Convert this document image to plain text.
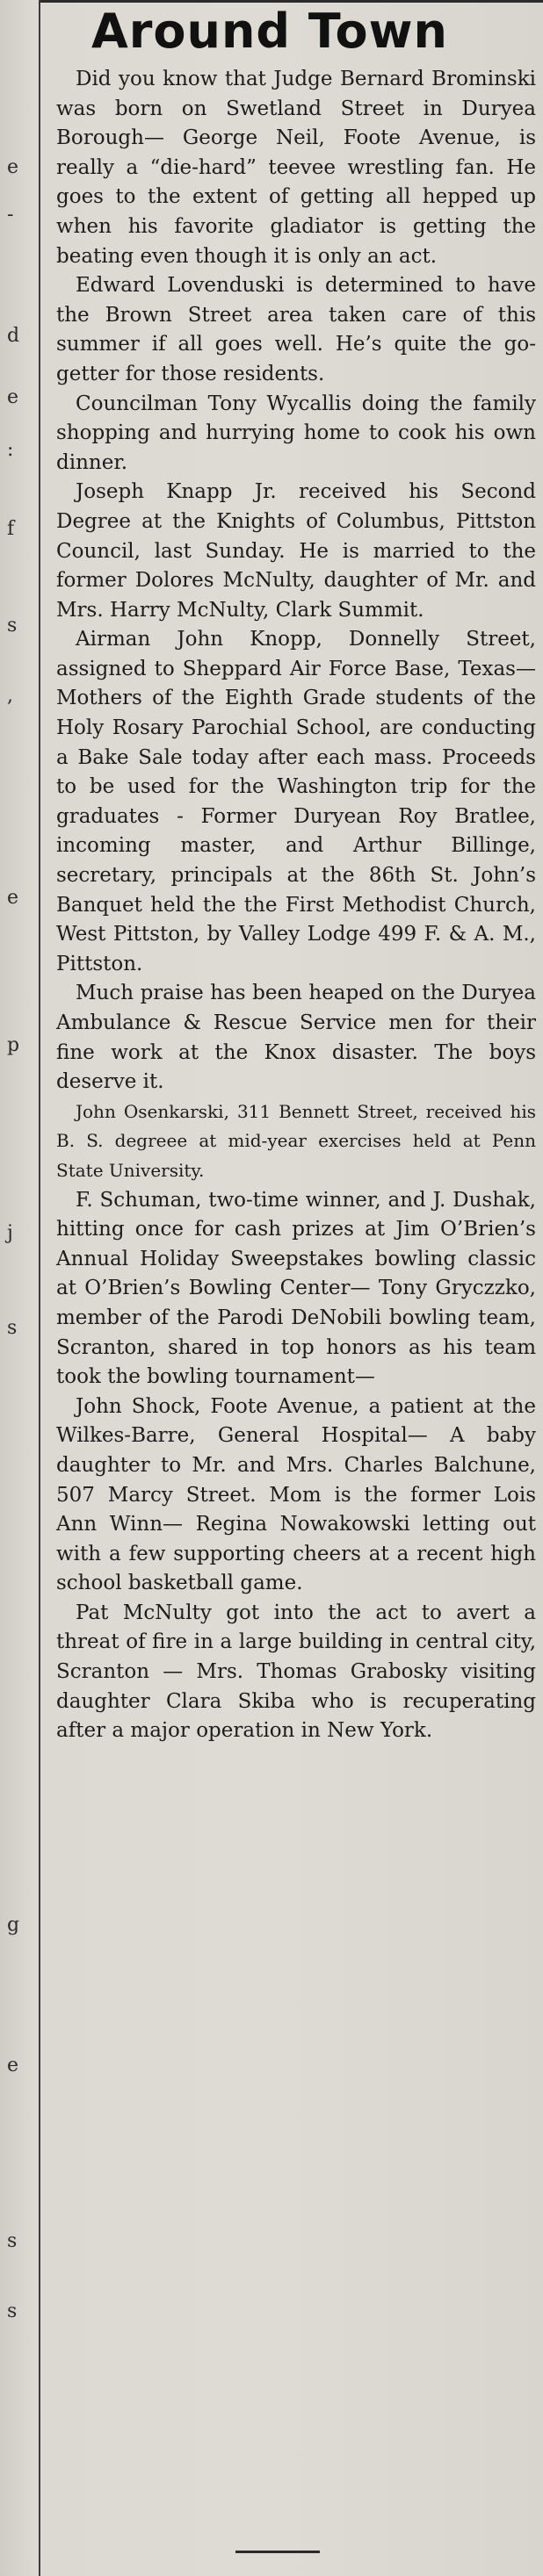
e
-
d
e
:
f
s
,
e
p
j
s
g
e
s
s
Around Town

Did you know that Judge Bernard Brominski was born on Swetland Street in Duryea Borough— George Neil, Foote Avenue, is really a “die-hard” teevee wrestling fan. He goes to the extent of getting all hepped up when his favorite gladiator is getting the beating even though it is only an act.

Edward Lovenduski is determined to have the Brown Street area taken care of this summer if all goes well. He’s quite the go-getter for those residents.

Councilman Tony Wycallis doing the family shopping and hurrying home to cook his own dinner.

Joseph Knapp Jr. received his Second Degree at the Knights of Columbus, Pittston Council, last Sunday. He is married to the former Dolores McNulty, daughter of Mr. and Mrs. Harry McNulty, Clark Summit.

Airman John Knopp, Donnelly Street, assigned to Sheppard Air Force Base, Texas— Mothers of the Eighth Grade students of the Holy Rosary Parochial School, are conducting a Bake Sale today after each mass. Proceeds to be used for the Washington trip for the graduates - Former Duryean Roy Bratlee, incoming master, and Arthur Billinge, secretary, principals at the 86th St. John’s Banquet held the the First Methodist Church, West Pittston, by Valley Lodge 499 F. & A. M., Pittston.

Much praise has been heaped on the Duryea Ambulance & Rescue Service men for their fine work at the Knox disaster. The boys deserve it.

John Osenkarski, 311 Bennett Street, received his B. S. degreee at mid-year exercises held at Penn State University.

F. Schuman, two-time winner, and J. Dushak, hitting once for cash prizes at Jim O’Brien’s Annual Holiday Sweepstakes bowling classic at O’Brien’s Bowling Center— Tony Gryczzko, member of the Parodi DeNobili bowling team, Scranton, shared in top honors as his team took the bowling tournament—

John Shock, Foote Avenue, a patient at the Wilkes-Barre, General Hospital— A baby daughter to Mr. and Mrs. Charles Balchune, 507 Marcy Street. Mom is the former Lois Ann Winn— Regina Nowakowski letting out with a few supporting cheers at a recent high school basketball game.

Pat McNulty got into the act to avert a threat of fire in a large building in central city, Scranton — Mrs. Thomas Grabosky visiting daughter Clara Skiba who is recuperating after a major operation in New York.
